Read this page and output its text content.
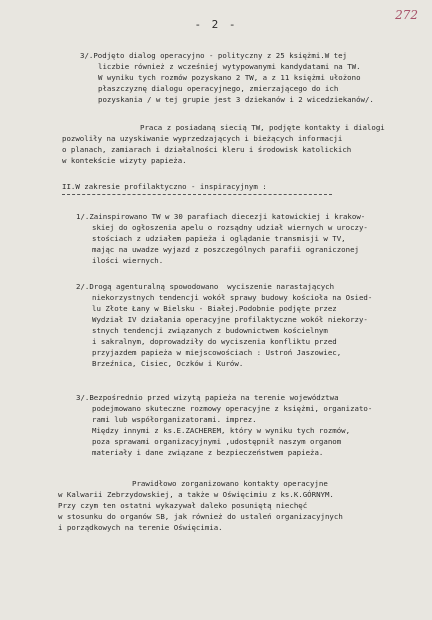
- 2 -
272
3/.Podjęto dialog operacyjno - polityczny z 25 księżmi.W tej
liczbie również z wcześniej wytypowanymi kandydatami na TW.
W wyniku tych rozmów pozyskano 2 TW, a z 11 księżmi ułożono
płaszczyznę dialogu operacyjnego, zmierzającego do ich
pozyskania / w tej grupie jest 3 dziekanów i 2 wicedziekanów/.
Praca z posiadaną siecią TW, podjęte kontakty i dialogi
pozwoliły na uzyskiwanie wyprzedzających i bieżących informacji
o planach, zamiarach i działalności kleru i środowisk katolickich
w kontekście wizyty papieża.
II.W zakresie profilaktyczno - inspiracyjnym :
1/.Zainspirowano TW w 30 parafiach diecezji katowickiej i krakow-
skiej do ogłoszenia apelu o rozsądny udział wiernych w uroczy-
stościach z udziałem papieża i oglądanie transmisji w TV,
mając na uwadze wyjazd z poszczególnych parafii ograniczonej
ilości wiernych.
2/.Drogą agenturalną spowodowano  wyciszenie narastających
niekorzystnych tendencji wokół sprawy budowy kościoła na Osied-
lu Złote Łany w Bielsku - Białej.Podobnie podjęte przez
Wydział IV działania operacyjne profilaktyczne wokół niekorzy-
stnych tendencji związanych z budownictwem kościelnym
i sakralnym, doprowadziły do wyciszenia konfliktu przed
przyjazdem papieża w miejscowościach : Ustroń Jaszowiec,
Brzeźnica, Cisiec, Oczków i Kurów.
3/.Bezpośrednio przed wizytą papieża na terenie województwa
podejmowano skuteczne rozmowy operacyjne z księżmi, organizato-
rami lub współorganizatorami. imprez.
Między innymi z ks.E.ZACHEREM, który w wyniku tych rozmów,
poza sprawami organizacyjnymi ,udostępnił naszym organom
materiały i dane związane z bezpieczeństwem papieża.
Prawidłowo zorganizowano kontakty operacyjne
w Kalwarii Zebrzydowskiej, a także w Oświęcimiu z ks.K.GÓRNYM.
Przy czym ten ostatni wykazywał daleko posuniętą niechęć
w stosunku do organów SB, jak również do ustaleń organizacyjnych
i porządkowych na terenie Oświęcimia.
